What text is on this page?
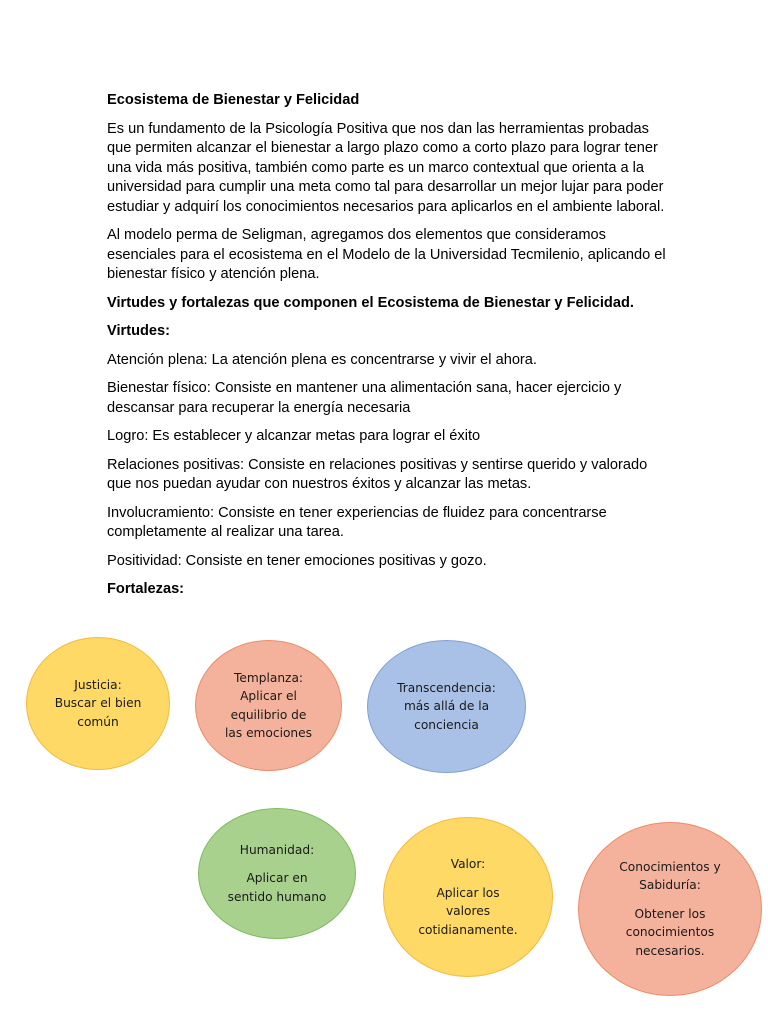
Ecosistema de Bienestar y Felicidad

Es un fundamento de la Psicología Positiva que nos dan las herramientas probadas que permiten alcanzar el bienestar a largo plazo como a corto plazo para lograr tener una vida más positiva, también como parte es un marco contextual que orienta a la universidad para cumplir una meta como tal para desarrollar un mejor lujar para poder estudiar y adquirí los conocimientos necesarios para aplicarlos en el ambiente laboral.

Al modelo perma de Seligman, agregamos dos elementos que consideramos esenciales para el ecosistema en el Modelo de la Universidad Tecmilenio, aplicando el bienestar físico y atención plena.

Virtudes y fortalezas que componen el Ecosistema de Bienestar y Felicidad.

Virtudes:

Atención plena: La atención plena es concentrarse y vivir el ahora.

Bienestar físico: Consiste en mantener una alimentación sana, hacer ejercicio y descansar para recuperar la energía necesaria

Logro: Es establecer y alcanzar metas para lograr el éxito

Relaciones positivas: Consiste en relaciones positivas y sentirse querido y valorado que nos puedan ayudar con nuestros éxitos y alcanzar las metas.

Involucramiento: Consiste en tener experiencias de fluidez para concentrarse completamente al realizar una tarea.

Positividad: Consiste en tener emociones positivas y gozo.

Fortalezas:

Justicia:
Buscar el bien
común
Templanza:
Aplicar el
equilibrio de
las emociones
Transcendencia:
más allá de la
conciencia
Humanidad:
Aplicar en
sentido humano
Valor:
Aplicar los
valores
cotidianamente.
Conocimientos y
Sabiduría:
Obtener los
conocimientos
necesarios.
